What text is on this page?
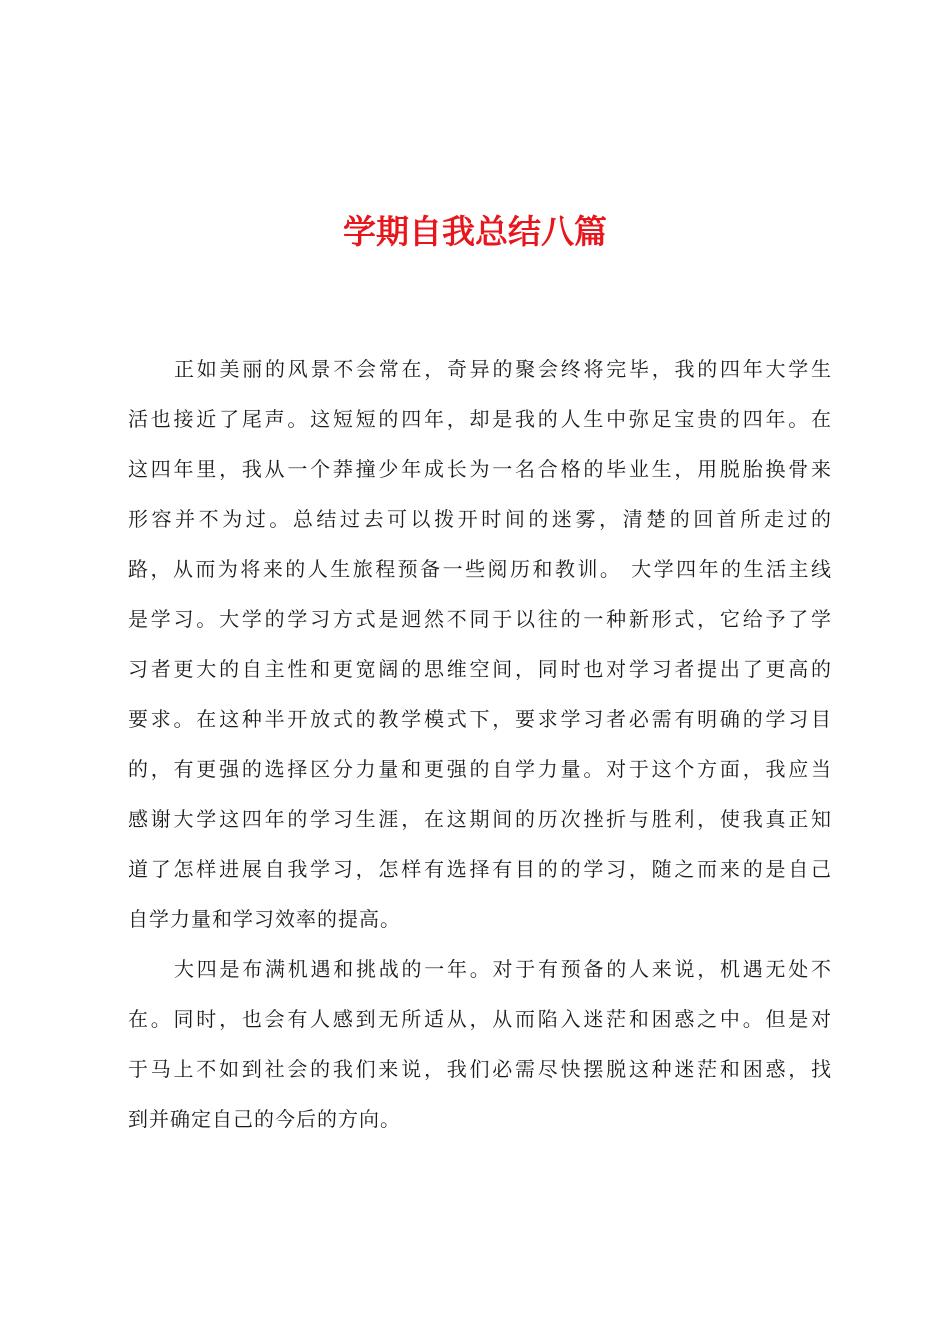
学期自我总结八篇
正如美丽的风景不会常在，奇异的聚会终将完毕，我的四年大学生
活也接近了尾声。这短短的四年，却是我的人生中弥足宝贵的四年。在
这四年里，我从一个莽撞少年成长为一名合格的毕业生，用脱胎换骨来
形容并不为过。总结过去可以拨开时间的迷雾，清楚的回首所走过的
路，从而为将来的人生旅程预备一些阅历和教训。 大学四年的生活主线
是学习。大学的学习方式是迥然不同于以往的一种新形式，它给予了学
习者更大的自主性和更宽阔的思维空间，同时也对学习者提出了更高的
要求。在这种半开放式的教学模式下，要求学习者必需有明确的学习目
的，有更强的选择区分力量和更强的自学力量。对于这个方面，我应当
感谢大学这四年的学习生涯，在这期间的历次挫折与胜利，使我真正知
道了怎样进展自我学习，怎样有选择有目的的学习，随之而来的是自己
自学力量和学习效率的提高。
大四是布满机遇和挑战的一年。对于有预备的人来说，机遇无处不
在。同时，也会有人感到无所适从，从而陷入迷茫和困惑之中。但是对
于马上不如到社会的我们来说，我们必需尽快摆脱这种迷茫和困惑，找
到并确定自己的今后的方向。
